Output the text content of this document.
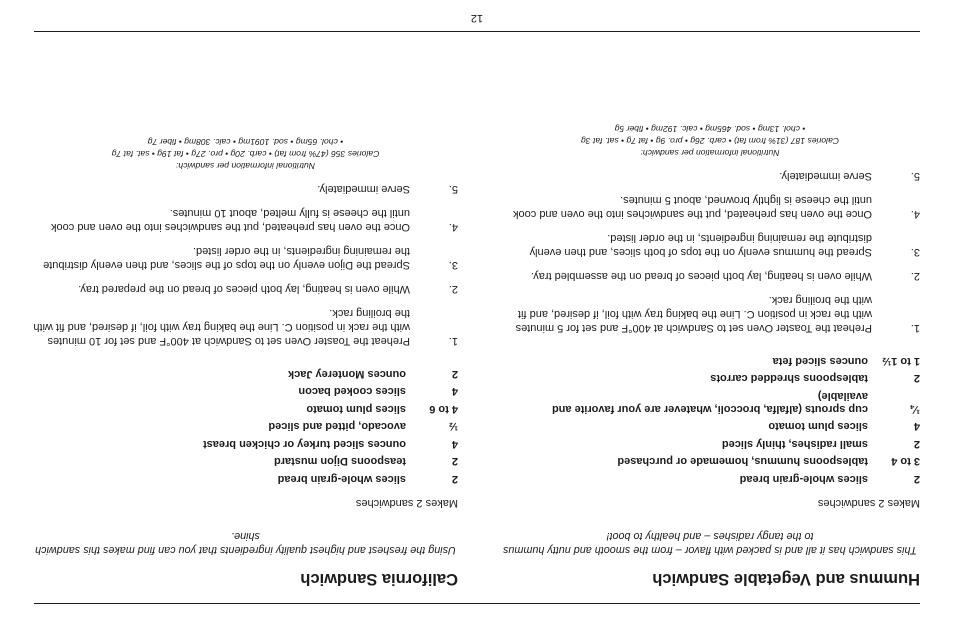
Hummus and Vegetable Sandwich

This sandwich has it all and is packed with flavor – from the smooth and nutty hummus to the tangy radishes – and healthy to boot!

Makes 2 sandwiches

2	slices whole-grain bread
3 to 4	tablespoons hummus, homemade or purchased
2	small radishes, thinly sliced
4	slices plum tomato
¼	cup sprouts (alfalfa, broccoli, whatever are your favorite and available)
2	tablespoons shredded carrots
1 to 1½	ounces sliced feta
1.
Preheat the Toaster Oven set to Sandwich at 400°F and set for 5 minutes with the rack in position C. Line the baking tray with foil, if desired, and fit with the broiling rack.
2.
While oven is heating, lay both pieces of bread on the assembled tray.
3.
Spread the hummus evenly on the tops of both slices, and then evenly distribute the remaining ingredients, in the order listed.
4.
Once the oven has preheated, put the sandwiches into the oven and cook until the cheese is lightly browned, about 5 minutes.
5.
Serve immediately.
Nutritional information per sandwich:
Calories 187 (31% from fat) • carb. 26g • pro. 9g • fat 7g • sat. fat 3g
• chol. 13mg • sod. 465mg • calc. 192mg • fiber 5g
California Sandwich

Using the freshest and highest quality ingredients that you can find makes this sandwich shine.

Makes 2 sandwiches

2	slices whole-grain bread
2	teaspoons Dijon mustard
4	ounces sliced turkey or chicken breast
½	avocado, pitted and sliced
4 to 6	slices plum tomato
4	slices cooked bacon
2	ounces Monterey Jack
1.
Preheat the Toaster Oven set to Sandwich at 400°F and set for 10 minutes with the rack in position C. Line the baking tray with foil, if desired, and fit with the broiling rack.
2.
While oven is heating, lay both pieces of bread on the prepared tray.
3.
Spread the Dijon evenly on the tops of the slices, and then evenly distribute the remaining ingredients, in the order listed.
4.
Once the oven has preheated, put the sandwiches into the oven and cook until the cheese is fully melted, about 10 minutes.
5.
Serve immediately.
Nutritional information per sandwich:
Calories 356 (47% from fat) • carb. 20g • pro. 27g • fat 19g • sat. fat 7g
• chol. 65mg • sod. 1091mg • calc. 308mg • fiber 7g
12
